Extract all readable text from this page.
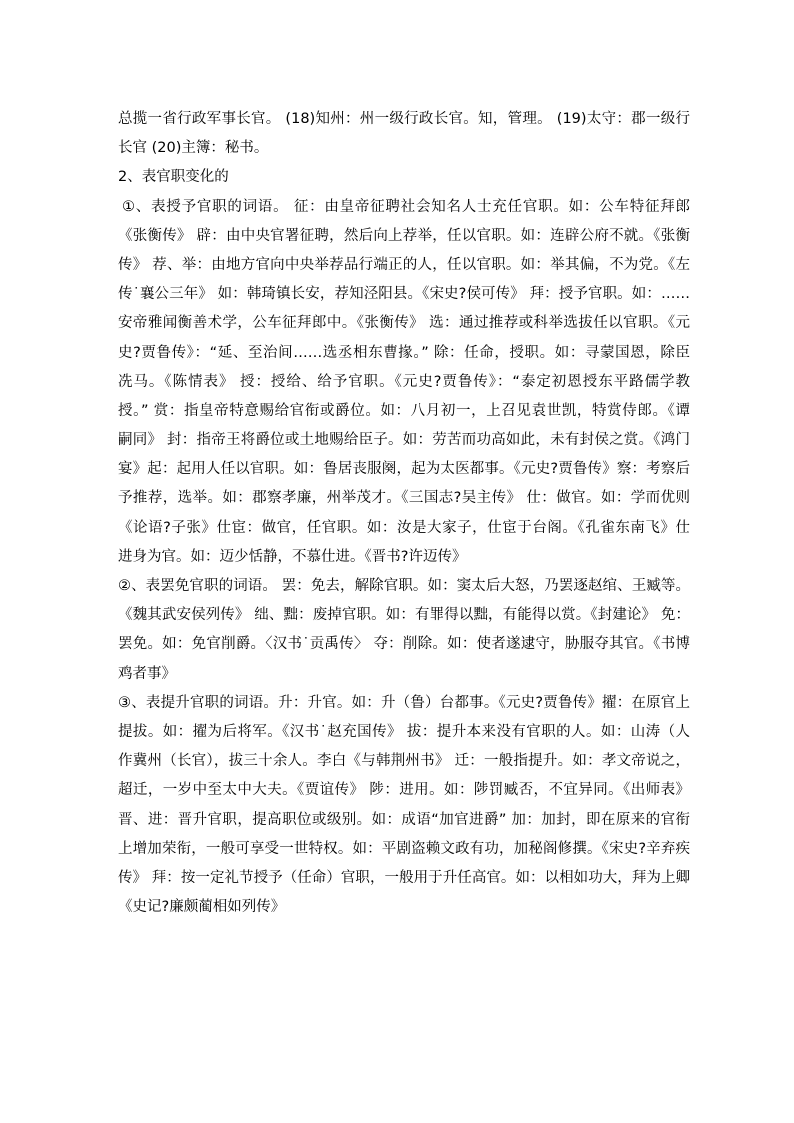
总揽一省行政军事长官。 (18)知州：州一级行政长官。知，管理。 (19)太守：郡一级行
长官 (20)主簿：秘书。
2、表官职变化的
①、表授予官职的词语。 征：由皇帝征聘社会知名人士充任官职。如：公车特征拜郎
《张衡传》 辟：由中央官署征聘，然后向上荐举，任以官职。如：连辟公府不就。《张衡
传》 荐、举：由地方官向中央举荐品行端正的人，任以官职。如：举其偏，不为党。《左
传˙襄公三年》 如：韩琦镇长安，荐知泾阳县。《宋史?侯可传》 拜：授予官职。如：……
安帝雅闻衡善术学，公车征拜郎中。《张衡传》 选：通过推荐或科举选拔任以官职。《元
史?贾鲁传》：“延、至治间……选丞相东曹掾。” 除：任命，授职。如：寻蒙国恩，除臣
冼马。《陈情表》 授：授给、给予官职。《元史?贾鲁传》：“泰定初恩授东平路儒学教
授。” 赏：指皇帝特意赐给官衔或爵位。如：八月初一，上召见袁世凯，特赏侍郎。《谭
嗣同》 封：指帝王将爵位或土地赐给臣子。如：劳苦而功高如此，未有封侯之赏。《鸿门
宴》起：起用人任以官职。如：鲁居丧服阕，起为太医都事。《元史?贾鲁传》察：考察后
予推荐，选举。如：郡察孝廉，州举茂才。《三国志?吴主传》 仕：做官。如：学而优则
《论语?子张》仕宦：做官，任官职。如：汝是大家子，仕宦于台阁。《孔雀东南飞》仕
进身为官。如：迈少恬静，不慕仕进。《晋书?许迈传》
②、表罢免官职的词语。 罢：免去，解除官职。如：窦太后大怒，乃罢逐赵绾、王臧等。
《魏其武安侯列传》 绌、黜：废掉官职。如：有罪得以黜，有能得以赏。《封建论》 免：
罢免。如：免官削爵。〈汉书˙贡禹传〉 夺：削除。如：使者遂逮守，胁服夺其官。《书博
鸡者事》
③、表提升官职的词语。升：升官。如：升（鲁）台都事。《元史?贾鲁传》擢：在原官上
提拔。如：擢为后将军。《汉书˙赵充国传》 拔：提升本来没有官职的人。如：山涛（人
作冀州（长官），拔三十余人。李白《与韩荆州书》 迁：一般指提升。如：孝文帝说之，
超迁，一岁中至太中大夫。《贾谊传》 陟：进用。如：陟罚臧否，不宜异同。《出师表》
晋、进：晋升官职，提高职位或级别。如：成语“加官进爵” 加：加封，即在原来的官衔
上增加荣衔，一般可享受一世特权。如：平剧盗赖文政有功，加秘阁修撰。《宋史?辛弃疾
传》 拜：按一定礼节授予（任命）官职，一般用于升任高官。如：以相如功大，拜为上卿
《史记?廉颇蔺相如列传》
